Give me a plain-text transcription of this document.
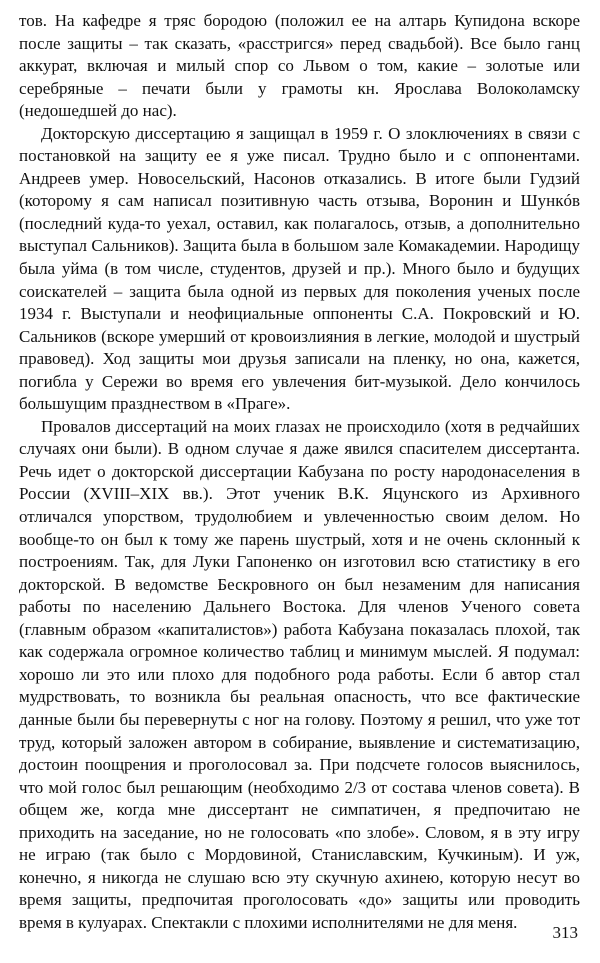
тов. На кафедре я тряс бородою (положил ее на алтарь Купидона вскоре после защиты – так сказать, «расстригся» перед свадьбой). Все было ганц аккурат, включая и милый спор со Львом о том, какие – золотые или серебряные – печати были у грамоты кн. Ярослава Волоколамску (недошедшей до нас).

Докторскую диссертацию я защищал в 1959 г. О злоключениях в связи с постановкой на защиту ее я уже писал. Трудно было и с оппонентами. Андреев умер. Новосельский, Насонов отказались. В итоге были Гудзий (которому я сам написал позитивную часть отзыва, Воронин и Шункóв (последний куда-то уехал, оставил, как полагалось, отзыв, а дополнительно выступал Сальников). Защита была в большом зале Комакадемии. Народищу была уйма (в том числе, студентов, друзей и пр.). Много было и будущих соискателей – защита была одной из первых для поколения ученых после 1934 г. Выступали и неофициальные оппоненты С.А. Покровский и Ю. Сальников (вскоре умерший от кровоизлияния в легкие, молодой и шустрый правовед). Ход защиты мои друзья записали на пленку, но она, кажется, погибла у Сережи во время его увлечения бит-музыкой. Дело кончилось большущим празднеством в «Праге».

Провалов диссертаций на моих глазах не происходило (хотя в редчайших случаях они были). В одном случае я даже явился спасителем диссертанта. Речь идет о докторской диссертации Кабузана по росту народонаселения в России (XVIII–XIX вв.). Этот ученик В.К. Яцунского из Архивного отличался упорством, трудолюбием и увлеченностью своим делом. Но вообще-то он был к тому же парень шустрый, хотя и не очень склонный к построениям. Так, для Луки Гапоненко он изготовил всю статистику в его докторской. В ведомстве Бескровного он был незаменим для написания работы по населению Дальнего Востока. Для членов Ученого совета (главным образом «капиталистов») работа Кабузана показалась плохой, так как содержала огромное количество таблиц и минимум мыслей. Я подумал: хорошо ли это или плохо для подобного рода работы. Если б автор стал мудрствовать, то возникла бы реальная опасность, что все фактические данные были бы перевернуты с ног на голову. Поэтому я решил, что уже тот труд, который заложен автором в собирание, выявление и систематизацию, достоин поощрения и проголосовал за. При подсчете голосов выяснилось, что мой голос был решающим (необходимо 2/3 от состава членов совета). В общем же, когда мне диссертант не симпатичен, я предпочитаю не приходить на заседание, но не голосовать «по злобе». Словом, я в эту игру не играю (так было с Мордовиной, Станиславским, Кучкиным). И уж, конечно, я никогда не слушаю всю эту скучную ахинею, которую несут во время защиты, предпочитая проголосовать «до» защиты или проводить время в кулуарах. Спектакли с плохими исполнителями не для меня.

313
